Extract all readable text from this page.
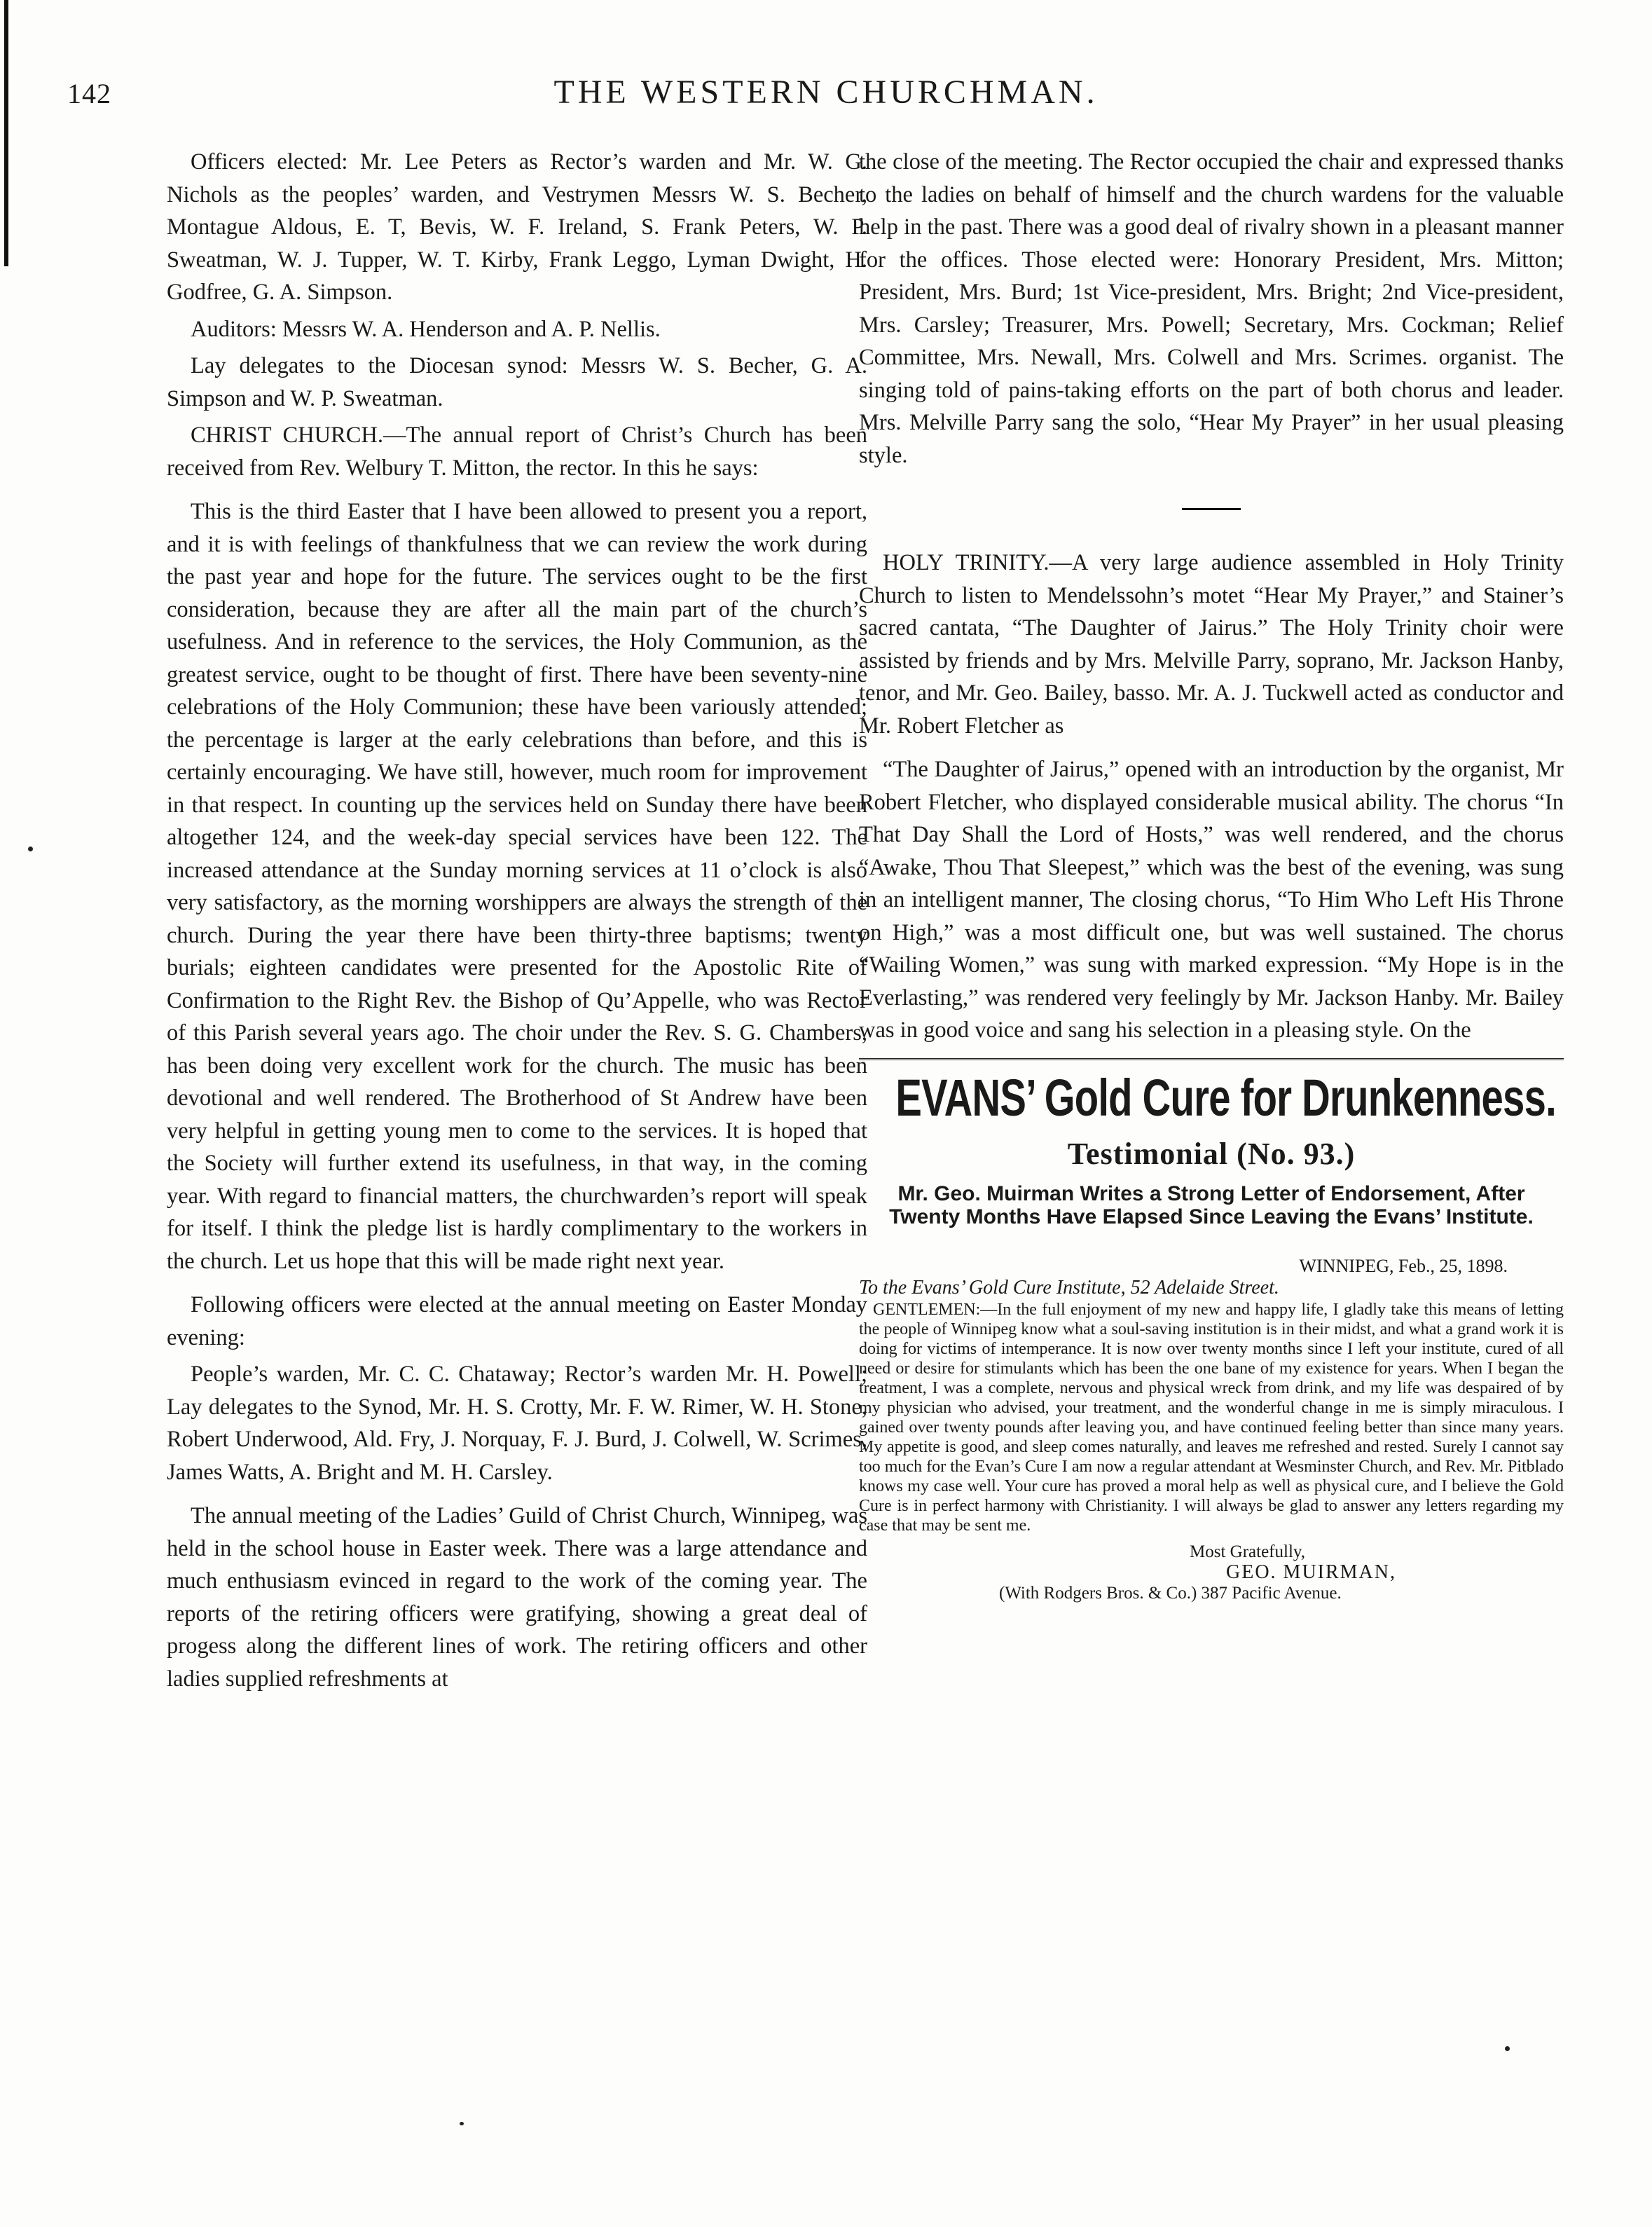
142	THE WESTERN CHURCHMAN.

Officers elected: Mr. Lee Peters as Rector’s warden and Mr. W. G. Nichols as the peoples’ warden, and Vestrymen Messrs W. S. Becher, Montague Aldous, E. T, Bevis, W. F. Ireland, S. Frank Peters, W. P. Sweatman, W. J. Tupper, W. T. Kirby, Frank Leggo, Lyman Dwight, H. Godfree, G. A. Simpson.

Auditors: Messrs W. A. Henderson and A. P. Nellis.

Lay delegates to the Diocesan synod: Messrs W. S. Becher, G. A. Simpson and W. P. Sweatman.

CHRIST CHURCH.—The annual report of Christ’s Church has been received from Rev. Welbury T. Mitton, the rector. In this he says:

This is the third Easter that I have been allowed to present you a report, and it is with feelings of thankfulness that we can review the work during the past year and hope for the future. The services ought to be the first consideration, because they are after all the main part of the church’s usefulness. And in reference to the services, the Holy Communion, as the greatest service, ought to be thought of first. There have been seventy-nine celebrations of the Holy Communion; these have been variously attended; the percentage is larger at the early celebrations than before, and this is certainly encouraging. We have still, however, much room for improvement in that respect. In counting up the services held on Sunday there have been altogether 124, and the week-day special services have been 122. The increased attendance at the Sunday morning services at 11 o’clock is also very satisfactory, as the morning worshippers are always the strength of the church. During the year there have been thirty-three baptisms; twenty burials; eighteen candidates were presented for the Apostolic Rite of Confirmation to the Right Rev. the Bishop of Qu’Appelle, who was Rector of this Parish several years ago. The choir under the Rev. S. G. Chambers, has been doing very excellent work for the church. The music has been devotional and well rendered. The Brotherhood of St Andrew have been very helpful in getting young men to come to the services. It is hoped that the Society will further extend its usefulness, in that way, in the coming year. With regard to financial matters, the churchwarden’s report will speak for itself. I think the pledge list is hardly complimentary to the workers in the church. Let us hope that this will be made right next year.

Following officers were elected at the annual meeting on Easter Monday evening:

People’s warden, Mr. C. C. Chataway; Rector’s warden Mr. H. Powell; Lay delegates to the Synod, Mr. H. S. Crotty, Mr. F. W. Rimer, W. H. Stone, Robert Underwood, Ald. Fry, J. Norquay, F. J. Burd, J. Colwell, W. Scrimes, James Watts, A. Bright and M. H. Carsley.

The annual meeting of the Ladies’ Guild of Christ Church, Winnipeg, was held in the school house in Easter week. There was a large attendance and much enthusiasm evinced in regard to the work of the coming year. The reports of the retiring officers were gratifying, showing a great deal of progess along the different lines of work. The retiring officers and other ladies supplied refreshments at

the close of the meeting. The Rector occupied the chair and expressed thanks to the ladies on behalf of himself and the church wardens for the valuable help in the past. There was a good deal of rivalry shown in a pleasant manner for the offices. Those elected were: Honorary President, Mrs. Mitton; President, Mrs. Burd; 1st Vice-president, Mrs. Bright; 2nd Vice-president, Mrs. Carsley; Treasurer, Mrs. Powell; Secretary, Mrs. Cockman; Relief Committee, Mrs. Newall, Mrs. Colwell and Mrs. Scrimes. organist. The singing told of pains-taking efforts on the part of both chorus and leader. Mrs. Melville Parry sang the solo, “Hear My Prayer” in her usual pleasing style.

HOLY TRINITY.—A very large audience assembled in Holy Trinity Church to listen to Mendelssohn’s motet “Hear My Prayer,” and Stainer’s sacred cantata, “The Daughter of Jairus.” The Holy Trinity choir were assisted by friends and by Mrs. Melville Parry, soprano, Mr. Jackson Hanby, tenor, and Mr. Geo. Bailey, basso. Mr. A. J. Tuckwell acted as conductor and Mr. Robert Fletcher as

“The Daughter of Jairus,” opened with an introduction by the organist, Mr Robert Fletcher, who displayed considerable musical ability. The chorus “In That Day Shall the Lord of Hosts,” was well rendered, and the chorus “Awake, Thou That Sleepest,” which was the best of the evening, was sung in an intelligent manner, The closing chorus, “To Him Who Left His Throne on High,” was a most difficult one, but was well sustained. The chorus “Wailing Women,” was sung with marked expression. “My Hope is in the Everlasting,” was rendered very feelingly by Mr. Jackson Hanby. Mr. Bailey was in good voice and sang his selection in a pleasing style. On the

EVANS’ Gold Cure for Drunkenness.
Testimonial (No. 93.)
Mr. Geo. Muirman Writes a Strong Letter of Endorsement, After Twenty Months Have Elapsed Since Leaving the Evans’ Institute.
WINNIPEG, Feb., 25, 1898.
To the Evans’ Gold Cure Institute, 52 Adelaide Street.

GENTLEMEN:—In the full enjoyment of my new and happy life, I gladly take this means of letting the people of Winnipeg know what a soul-saving institution is in their midst, and what a grand work it is doing for victims of intemperance. It is now over twenty months since I left your institute, cured of all need or desire for stimulants which has been the one bane of my existence for years. When I began the treatment, I was a complete, nervous and physical wreck from drink, and my life was despaired of by my physician who advised, your treatment, and the wonderful change in me is simply miraculous. I gained over twenty pounds after leaving you, and have continued feeling better than since many years. My appetite is good, and sleep comes naturally, and leaves me refreshed and rested. Surely I cannot say too much for the Evan’s Cure I am now a regular attendant at Wesminster Church, and Rev. Mr. Pitblado knows my case well. Your cure has proved a moral help as well as physical cure, and I believe the Gold Cure is in perfect harmony with Christianity. I will always be glad to answer any letters regarding my case that may be sent me.

Most Gratefully,
GEO. MUIRMAN,
(With Rodgers Bros. & Co.) 387 Pacific Avenue.
